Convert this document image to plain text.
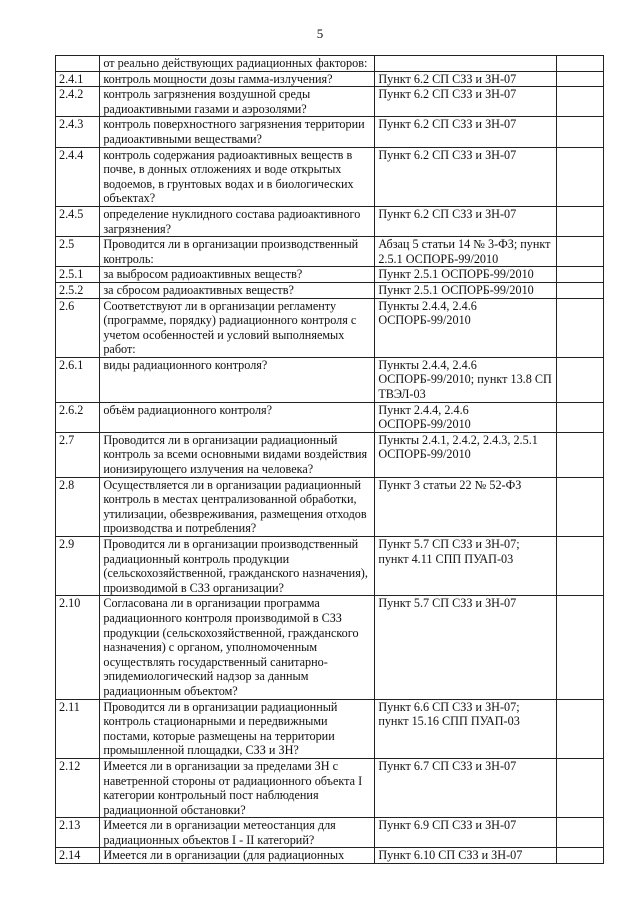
5
	от реально действующих радиационных факторов:		
2.4.1	контроль мощности дозы гамма-излучения?	Пункт 6.2 СП СЗЗ и ЗН-07	
2.4.2	контроль загрязнения воздушной среды радиоактивными газами и аэрозолями?	Пункт 6.2 СП СЗЗ и ЗН-07	
2.4.3	контроль поверхностного загрязнения территории радиоактивными веществами?	Пункт 6.2 СП СЗЗ и ЗН-07	
2.4.4	контроль содержания радиоактивных веществ в почве, в донных отложениях и воде открытых водоемов, в грунтовых водах и в биологических объектах?	Пункт 6.2 СП СЗЗ и ЗН-07	
2.4.5	определение нуклидного состава радиоактивного загрязнения?	Пункт 6.2 СП СЗЗ и ЗН-07	
2.5	Проводится ли в организации производственный контроль:	Абзац 5 статьи 14 № 3-ФЗ; пункт 2.5.1 ОСПОРБ-99/2010	
2.5.1	за выбросом радиоактивных веществ?	Пункт 2.5.1 ОСПОРБ-99/2010	
2.5.2	за сбросом радиоактивных веществ?	Пункт 2.5.1 ОСПОРБ-99/2010	
2.6	Соответствуют ли в организации регламенту (программе, порядку) радиационного контроля с учетом особенностей и условий выполняемых работ:	Пункты 2.4.4, 2.4.6 ОСПОРБ-99/2010	
2.6.1	виды радиационного контроля?	Пункты 2.4.4, 2.4.6 ОСПОРБ-99/2010; пункт 13.8 СП ТВЭЛ-03	
2.6.2	объём радиационного контроля?	Пункт 2.4.4, 2.4.6 ОСПОРБ-99/2010	
2.7	Проводится ли в организации радиационный контроль за всеми основными видами воздействия ионизирующего излучения на человека?	Пункты 2.4.1, 2.4.2, 2.4.3, 2.5.1 ОСПОРБ-99/2010	
2.8	Осуществляется ли в организации радиационный контроль в местах централизованной обработки, утилизации, обезвреживания, размещения отходов производства и потребления?	Пункт 3 статьи 22 № 52-ФЗ	
2.9	Проводится ли в организации производственный радиационный контроль продукции (сельскохозяйственной, гражданского назначения), производимой в СЗЗ организации?	Пункт 5.7 СП СЗЗ и ЗН-07; пункт 4.11 СПП ПУАП-03	
2.10	Согласована ли в организации программа радиационного контроля производимой в СЗЗ продукции (сельскохозяйственной, гражданского назначения) с органом, уполномоченным осуществлять государственный санитарно-эпидемиологический надзор за данным радиационным объектом?	Пункт 5.7 СП СЗЗ и ЗН-07	
2.11	Проводится ли в организации радиационный контроль стационарными и передвижными постами, которые размещены на территории промышленной площадки, СЗЗ и ЗН?	Пункт 6.6 СП СЗЗ и ЗН-07; пункт 15.16 СПП ПУАП-03	
2.12	Имеется ли в организации за пределами ЗН с наветренной стороны от радиационного объекта I категории контрольный пост наблюдения радиационной обстановки?	Пункт 6.7 СП СЗЗ и ЗН-07	
2.13	Имеется ли в организации метеостанция для радиационных объектов I - II категорий?	Пункт 6.9 СП СЗЗ и ЗН-07	
2.14	Имеется ли в организации (для радиационных	Пункт 6.10 СП СЗЗ и ЗН-07	
